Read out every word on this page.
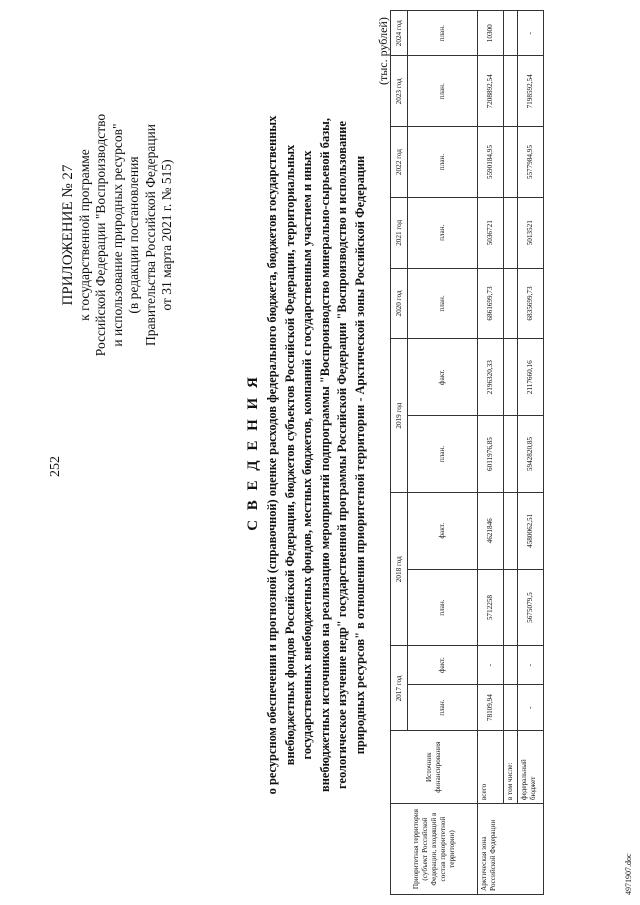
252
ПРИЛОЖЕНИЕ № 27 к государственной программе Российской Федерации "Воспроизводство и использование природных ресурсов" (в редакции постановления Правительства Российской Федерации от 31 марта 2021 г. № 515)
С В Е Д Е Н И Я о ресурсном обеспечении и прогнозной (справочной) оценке расходов федерального бюджета, бюджетов государственных внебюджетных фондов Российской Федерации, бюджетов субъектов Российской Федерации, территориальных государственных внебюджетных фондов, местных бюджетов, компаний с государственным участием и иных внебюджетных источников на реализацию мероприятий подпрограммы "Воспроизводство минерально-сырьевой базы, геологическое изучение недр" государственной программы Российской Федерации "Воспроизводство и использование природных ресурсов" в отношении приоритетной территории - Арктической зоны Российской Федерации
(тыс. рублей)
Приоритетная территория (субъект Российской Федерации, входящий в состав приоритетной территории)	Источник финансирования	2017 год		2018 год		2019 год		2020 год	2021 год	2022 год	2023 год	2024 год
		план.	факт.	план.	факт.	план.	факт.	план.	план.	план.	план.	план.
Арктическая зона Российской Федерации	всего	78109,94	-	5712258	4621846	6011976,85	2196320,33	6861699,73	5036721	5590184,95	7208892,54	10300
	в том числе:											
	федеральный бюджет	-	-	5675079,5	4580062,51	5942820,85	2117660,16	6835699,73	5013521	5577984,95	7198592,54	-
4971907.doc
